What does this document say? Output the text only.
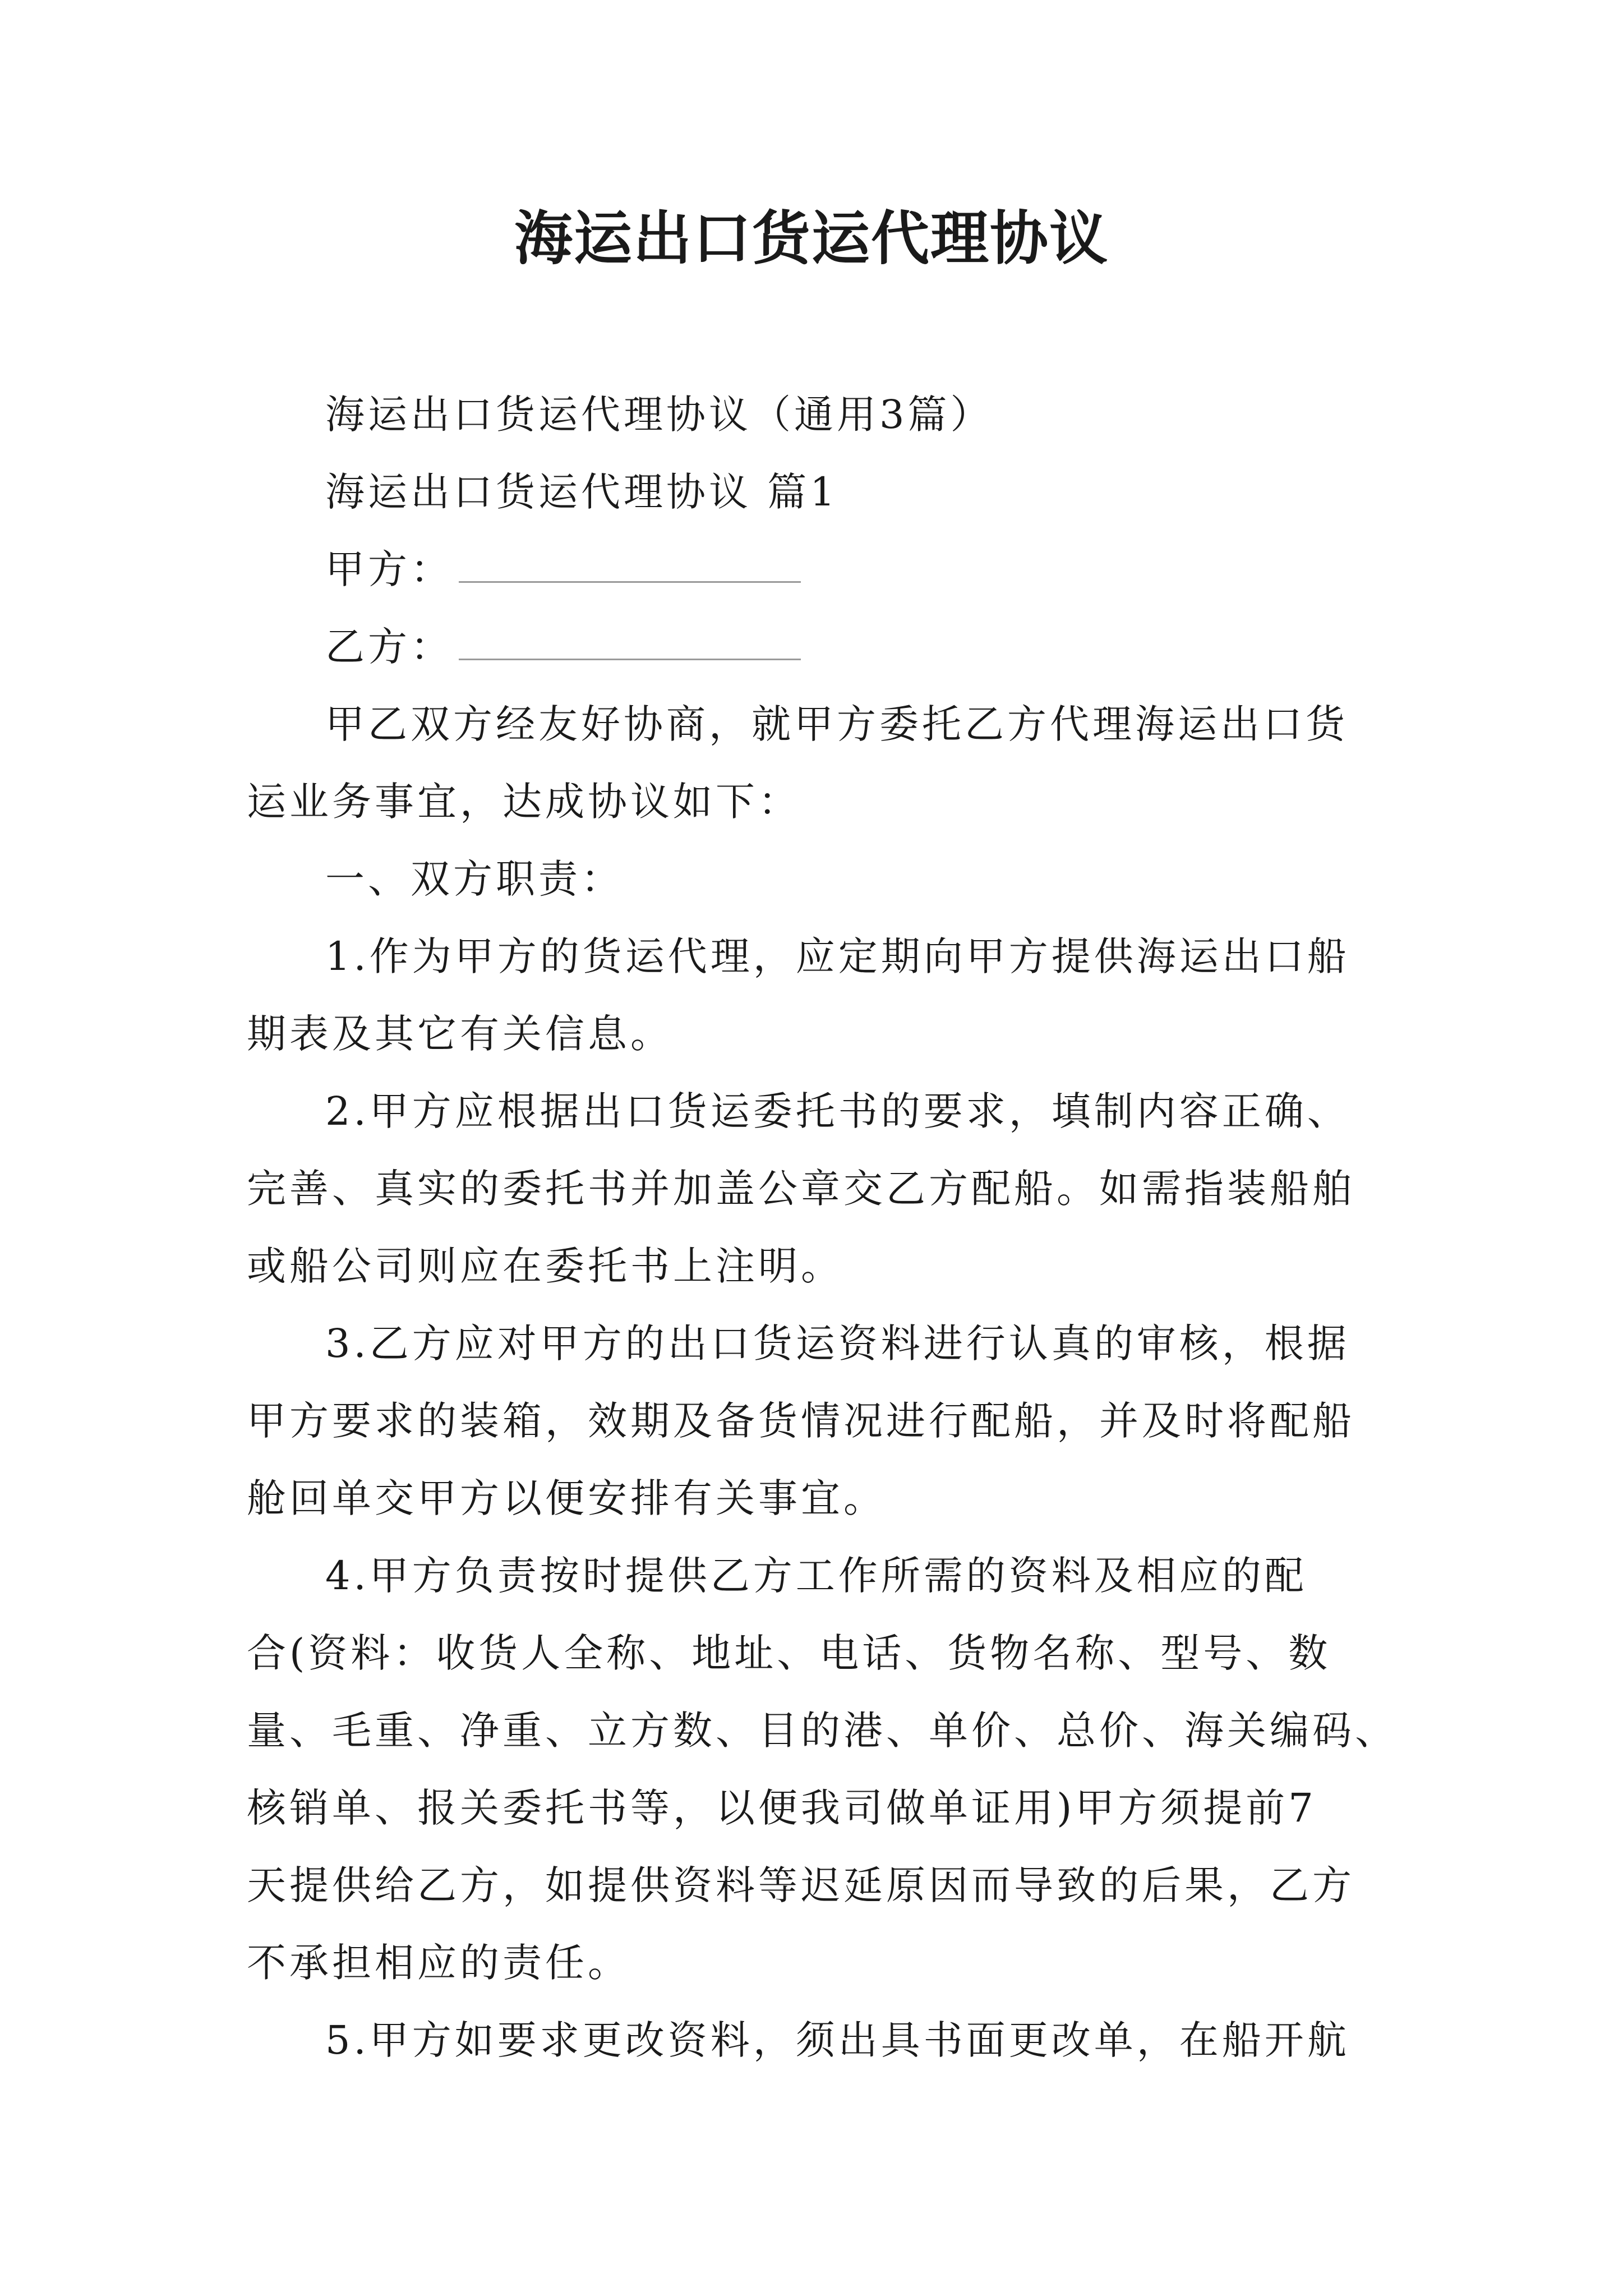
海运出口货运代理协议

海运出口货运代理协议（通用3篇）

海运出口货运代理协议 篇1

甲方：

乙方：

甲乙双方经友好协商，就甲方委托乙方代理海运出口货

运业务事宜，达成协议如下：

一、双方职责：

1.作为甲方的货运代理，应定期向甲方提供海运出口船

期表及其它有关信息。

2.甲方应根据出口货运委托书的要求，填制内容正确、

完善、真实的委托书并加盖公章交乙方配船。如需指装船舶

或船公司则应在委托书上注明。

3.乙方应对甲方的出口货运资料进行认真的审核，根据

甲方要求的装箱，效期及备货情况进行配船，并及时将配船

舱回单交甲方以便安排有关事宜。

4.甲方负责按时提供乙方工作所需的资料及相应的配

合(资料：收货人全称、地址、电话、货物名称、型号、数

量、毛重、净重、立方数、目的港、单价、总价、海关编码、

核销单、报关委托书等，以便我司做单证用)甲方须提前7

天提供给乙方，如提供资料等迟延原因而导致的后果，乙方

不承担相应的责任。

5.甲方如要求更改资料，须出具书面更改单，在船开航
